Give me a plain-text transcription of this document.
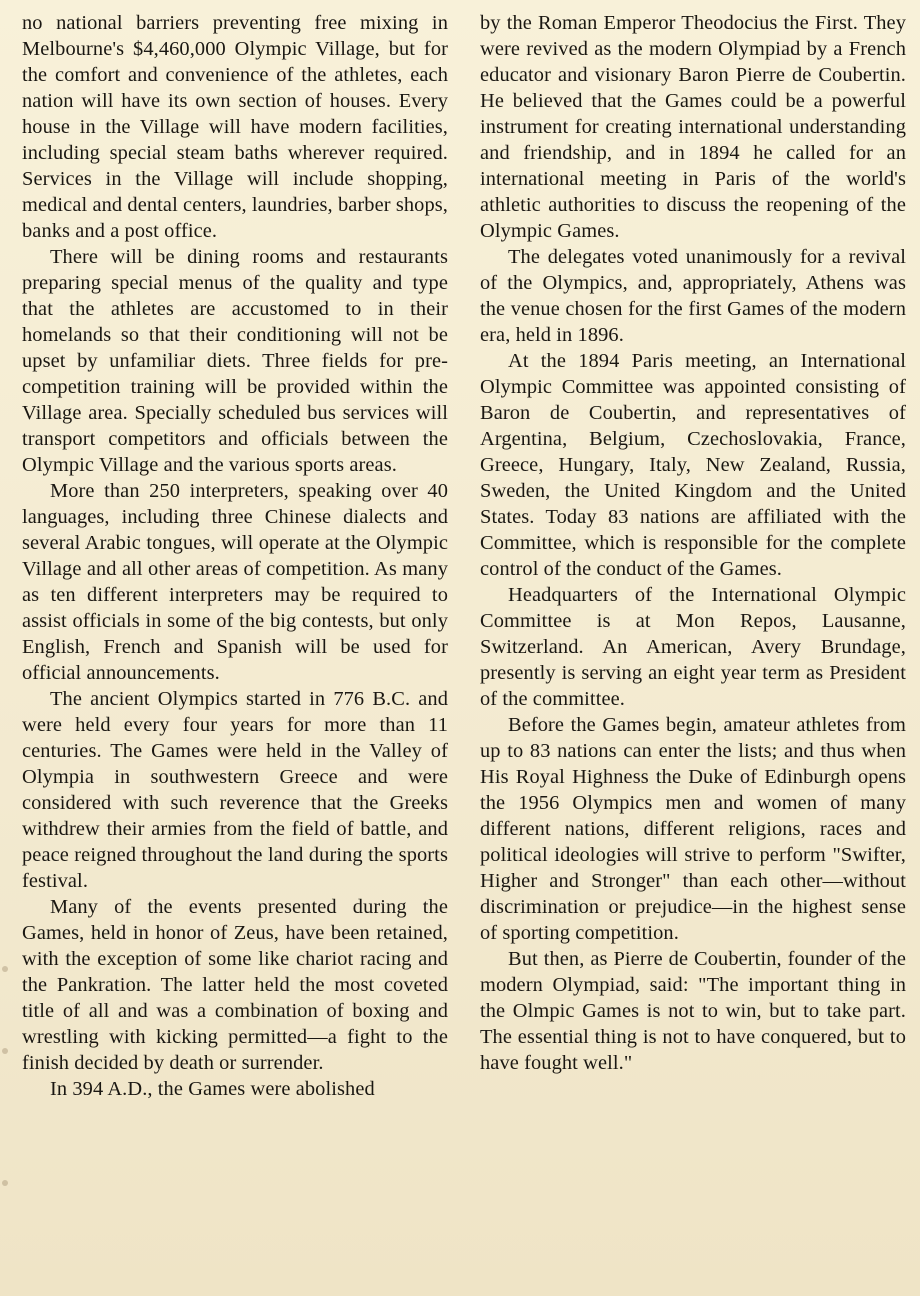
no national barriers preventing free mixing in Melbourne's $4,460,000 Olympic Village, but for the comfort and convenience of the athletes, each nation will have its own section of houses. Every house in the Village will have modern facilities, including special steam baths wherever required. Services in the Village will include shopping, medical and dental centers, laundries, barber shops, banks and a post office.

There will be dining rooms and restaurants preparing special menus of the quality and type that the athletes are accustomed to in their homelands so that their conditioning will not be upset by unfamiliar diets. Three fields for pre-competition training will be provided within the Village area. Specially scheduled bus services will transport competitors and officials between the Olympic Village and the various sports areas.

More than 250 interpreters, speaking over 40 languages, including three Chinese dialects and several Arabic tongues, will operate at the Olympic Village and all other areas of competition. As many as ten different interpreters may be required to assist officials in some of the big contests, but only English, French and Spanish will be used for official announcements.

The ancient Olympics started in 776 B.C. and were held every four years for more than 11 centuries. The Games were held in the Valley of Olympia in southwestern Greece and were considered with such reverence that the Greeks withdrew their armies from the field of battle, and peace reigned throughout the land during the sports festival.

Many of the events presented during the Games, held in honor of Zeus, have been retained, with the exception of some like chariot racing and the Pankration. The latter held the most coveted title of all and was a combination of boxing and wrestling with kicking permitted—a fight to the finish decided by death or surrender.

In 394 A.D., the Games were abolished

by the Roman Emperor Theodocius the First. They were revived as the modern Olympiad by a French educator and visionary Baron Pierre de Coubertin. He believed that the Games could be a powerful instrument for creating international understanding and friendship, and in 1894 he called for an international meeting in Paris of the world's athletic authorities to discuss the reopening of the Olympic Games.

The delegates voted unanimously for a revival of the Olympics, and, appropriately, Athens was the venue chosen for the first Games of the modern era, held in 1896.

At the 1894 Paris meeting, an International Olympic Committee was appointed consisting of Baron de Coubertin, and representatives of Argentina, Belgium, Czechoslovakia, France, Greece, Hungary, Italy, New Zealand, Russia, Sweden, the United Kingdom and the United States. Today 83 nations are affiliated with the Committee, which is responsible for the complete control of the conduct of the Games.

Headquarters of the International Olympic Committee is at Mon Repos, Lausanne, Switzerland. An American, Avery Brundage, presently is serving an eight year term as President of the committee.

Before the Games begin, amateur athletes from up to 83 nations can enter the lists; and thus when His Royal Highness the Duke of Edinburgh opens the 1956 Olympics men and women of many different nations, different religions, races and political ideologies will strive to perform "Swifter, Higher and Stronger" than each other—without discrimination or prejudice—in the highest sense of sporting competition.

But then, as Pierre de Coubertin, founder of the modern Olympiad, said: "The important thing in the Olmpic Games is not to win, but to take part. The essential thing is not to have conquered, but to have fought well."
